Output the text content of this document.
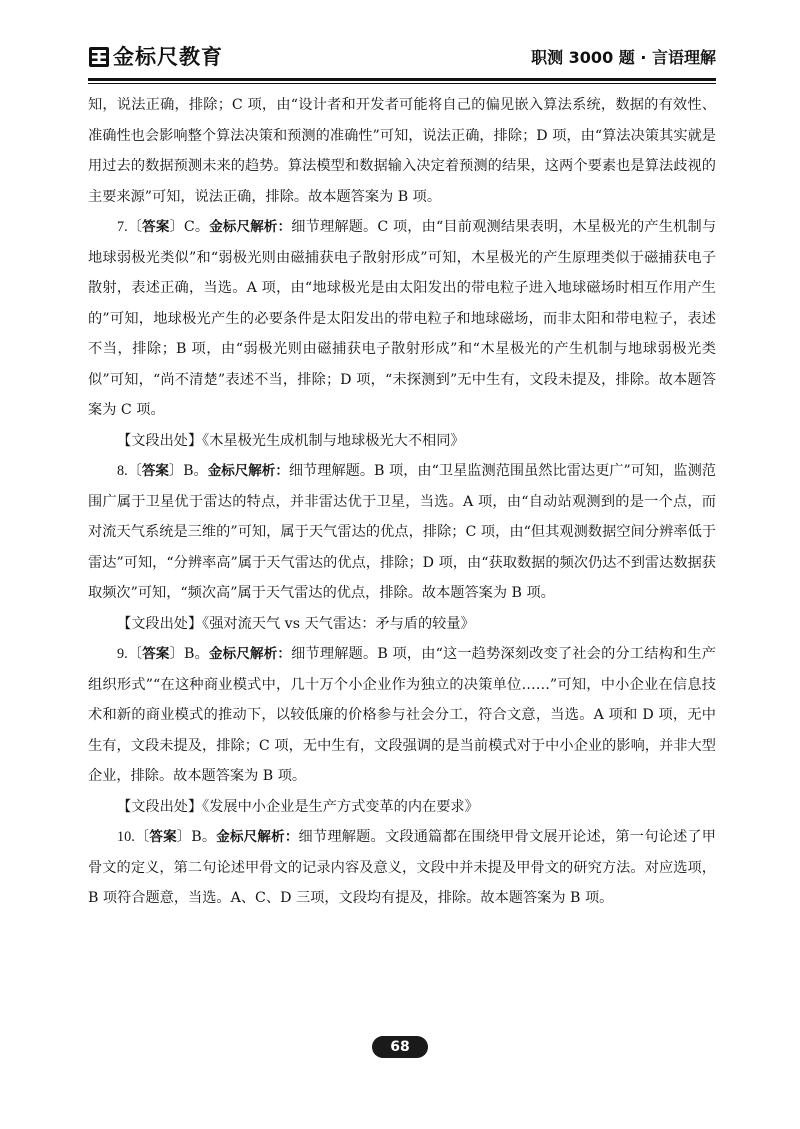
金标尺教育	职测 3000 题 · 言语理解

知，说法正确，排除；C 项，由“设计者和开发者可能将自己的偏见嵌入算法系统，数据的有效性、准确性也会影响整个算法决策和预测的准确性”可知，说法正确，排除；D 项，由“算法决策其实就是用过去的数据预测未来的趋势。算法模型和数据输入决定着预测的结果，这两个要素也是算法歧视的主要来源”可知，说法正确，排除。故本题答案为 B 项。

7.〔答案〕C。金标尺解析：细节理解题。C 项，由“目前观测结果表明，木星极光的产生机制与地球弱极光类似”和“弱极光则由磁捕获电子散射形成”可知，木星极光的产生原理类似于磁捕获电子散射，表述正确，当选。A 项，由“地球极光是由太阳发出的带电粒子进入地球磁场时相互作用产生的”可知，地球极光产生的必要条件是太阳发出的带电粒子和地球磁场，而非太阳和带电粒子，表述不当，排除；B 项，由“弱极光则由磁捕获电子散射形成”和“木星极光的产生机制与地球弱极光类似”可知，“尚不清楚”表述不当，排除；D 项，“未探测到”无中生有，文段未提及，排除。故本题答案为 C 项。

【文段出处】《木星极光生成机制与地球极光大不相同》

8.〔答案〕B。金标尺解析：细节理解题。B 项，由“卫星监测范围虽然比雷达更广”可知，监测范围广属于卫星优于雷达的特点，并非雷达优于卫星，当选。A 项，由“自动站观测到的是一个点，而对流天气系统是三维的”可知，属于天气雷达的优点，排除；C 项，由“但其观测数据空间分辨率低于雷达”可知，“分辨率高”属于天气雷达的优点，排除；D 项，由“获取数据的频次仍达不到雷达数据获取频次”可知，“频次高”属于天气雷达的优点，排除。故本题答案为 B 项。

【文段出处】《强对流天气 vs 天气雷达：矛与盾的较量》

9.〔答案〕B。金标尺解析：细节理解题。B 项，由“这一趋势深刻改变了社会的分工结构和生产组织形式”“在这种商业模式中，几十万个小企业作为独立的决策单位……”可知，中小企业在信息技术和新的商业模式的推动下，以较低廉的价格参与社会分工，符合文意，当选。A 项和 D 项，无中生有，文段未提及，排除；C 项，无中生有，文段强调的是当前模式对于中小企业的影响，并非大型企业，排除。故本题答案为 B 项。

【文段出处】《发展中小企业是生产方式变革的内在要求》

10.〔答案〕B。金标尺解析：细节理解题。文段通篇都在围绕甲骨文展开论述，第一句论述了甲骨文的定义，第二句论述甲骨文的记录内容及意义，文段中并未提及甲骨文的研究方法。对应选项，B 项符合题意，当选。A、C、D 三项，文段均有提及，排除。故本题答案为 B 项。

68
